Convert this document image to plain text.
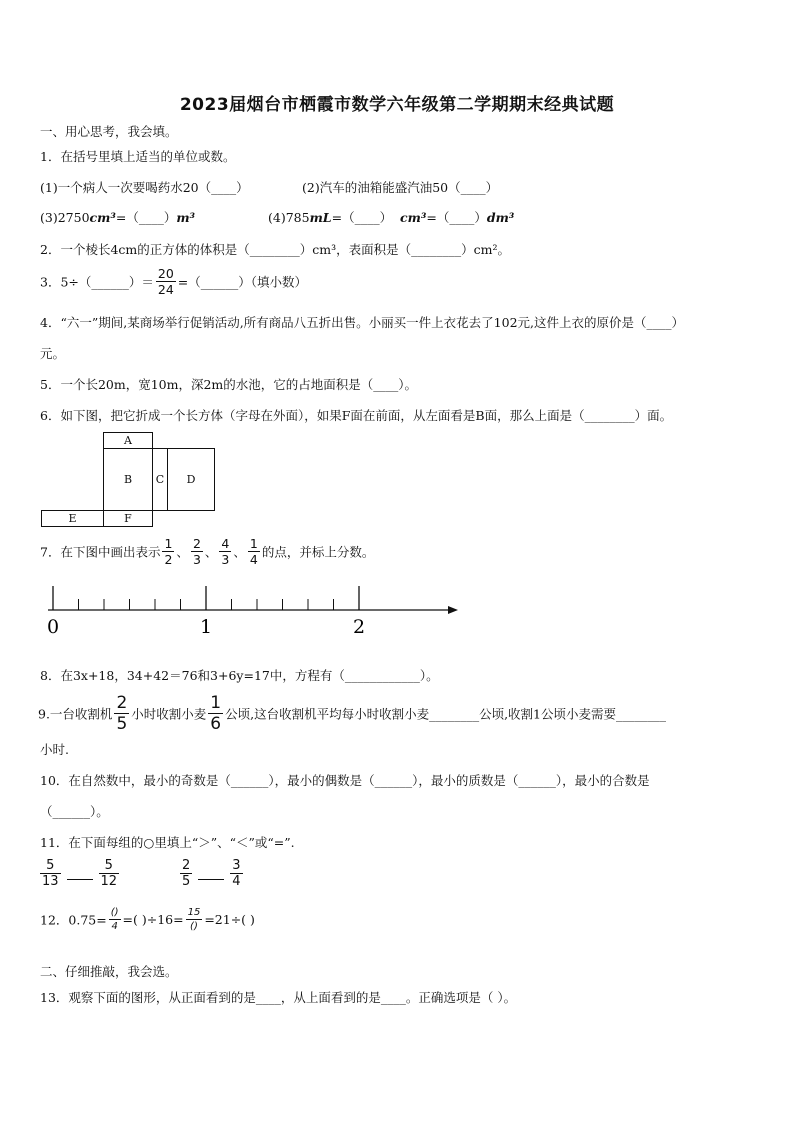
2023届烟台市栖霞市数学六年级第二学期期末经典试题
一、用心思考，我会填。
1．在括号里填上适当的单位或数。
(1)一个病人一次要喝药水20（____）	(2)汽车的油箱能盛汽油50（____）
(3)2750cm³=（____）m³	(4)785mL=（____） cm³=（____）dm³
2．一个棱长4cm的正方体的体积是（________）cm³，表面积是（________）cm²。
3．5÷（______）＝ $\frac{20}{24}$ =（______）（填小数）
4．“六一”期间,某商场举行促销活动,所有商品八五折出售。小丽买一件上衣花去了102元,这件上衣的原价是（____）
元。
5．一个长20m，宽10m，深2m的水池，它的占地面积是（____）。
6．如下图，把它折成一个长方体（字母在外面），如果F面在前面，从左面看是B面，那么上面是（________）面。
A
B	C	D
E	F
7．在下图中画出表示 $\frac{1}{2}$ 、 $\frac{2}{3}$ 、 $\frac{4}{3}$ 、 $\frac{1}{4}$ 的点，并标上分数。
0	1	2
8．在3x+18，34+42＝76和3+6y=17中，方程有（____________）。
9.一台收割机 $\frac{2}{5}$ 小时收割小麦 $\frac{1}{6}$ 公顷,这台收割机平均每小时收割小麦________公顷,收割1公顷小麦需要________
小时.
10．在自然数中，最小的奇数是（______），最小的偶数是（______），最小的质数是（______），最小的合数是
（______）。
11．在下面每组的○里填上“＞”、“＜”或“=”.
$\frac{5}{13}$
	$\frac{5}{12}$	$\frac{2}{5}$
	$\frac{3}{4}$
12．$0.75= \frac{()}{4}$ =( )$\div 16= \frac{15}{()} =21\div$( )
二、仔细推敲，我会选。
13．观察下面的图形，从正面看到的是____，从上面看到的是____。正确选项是（ ）。
